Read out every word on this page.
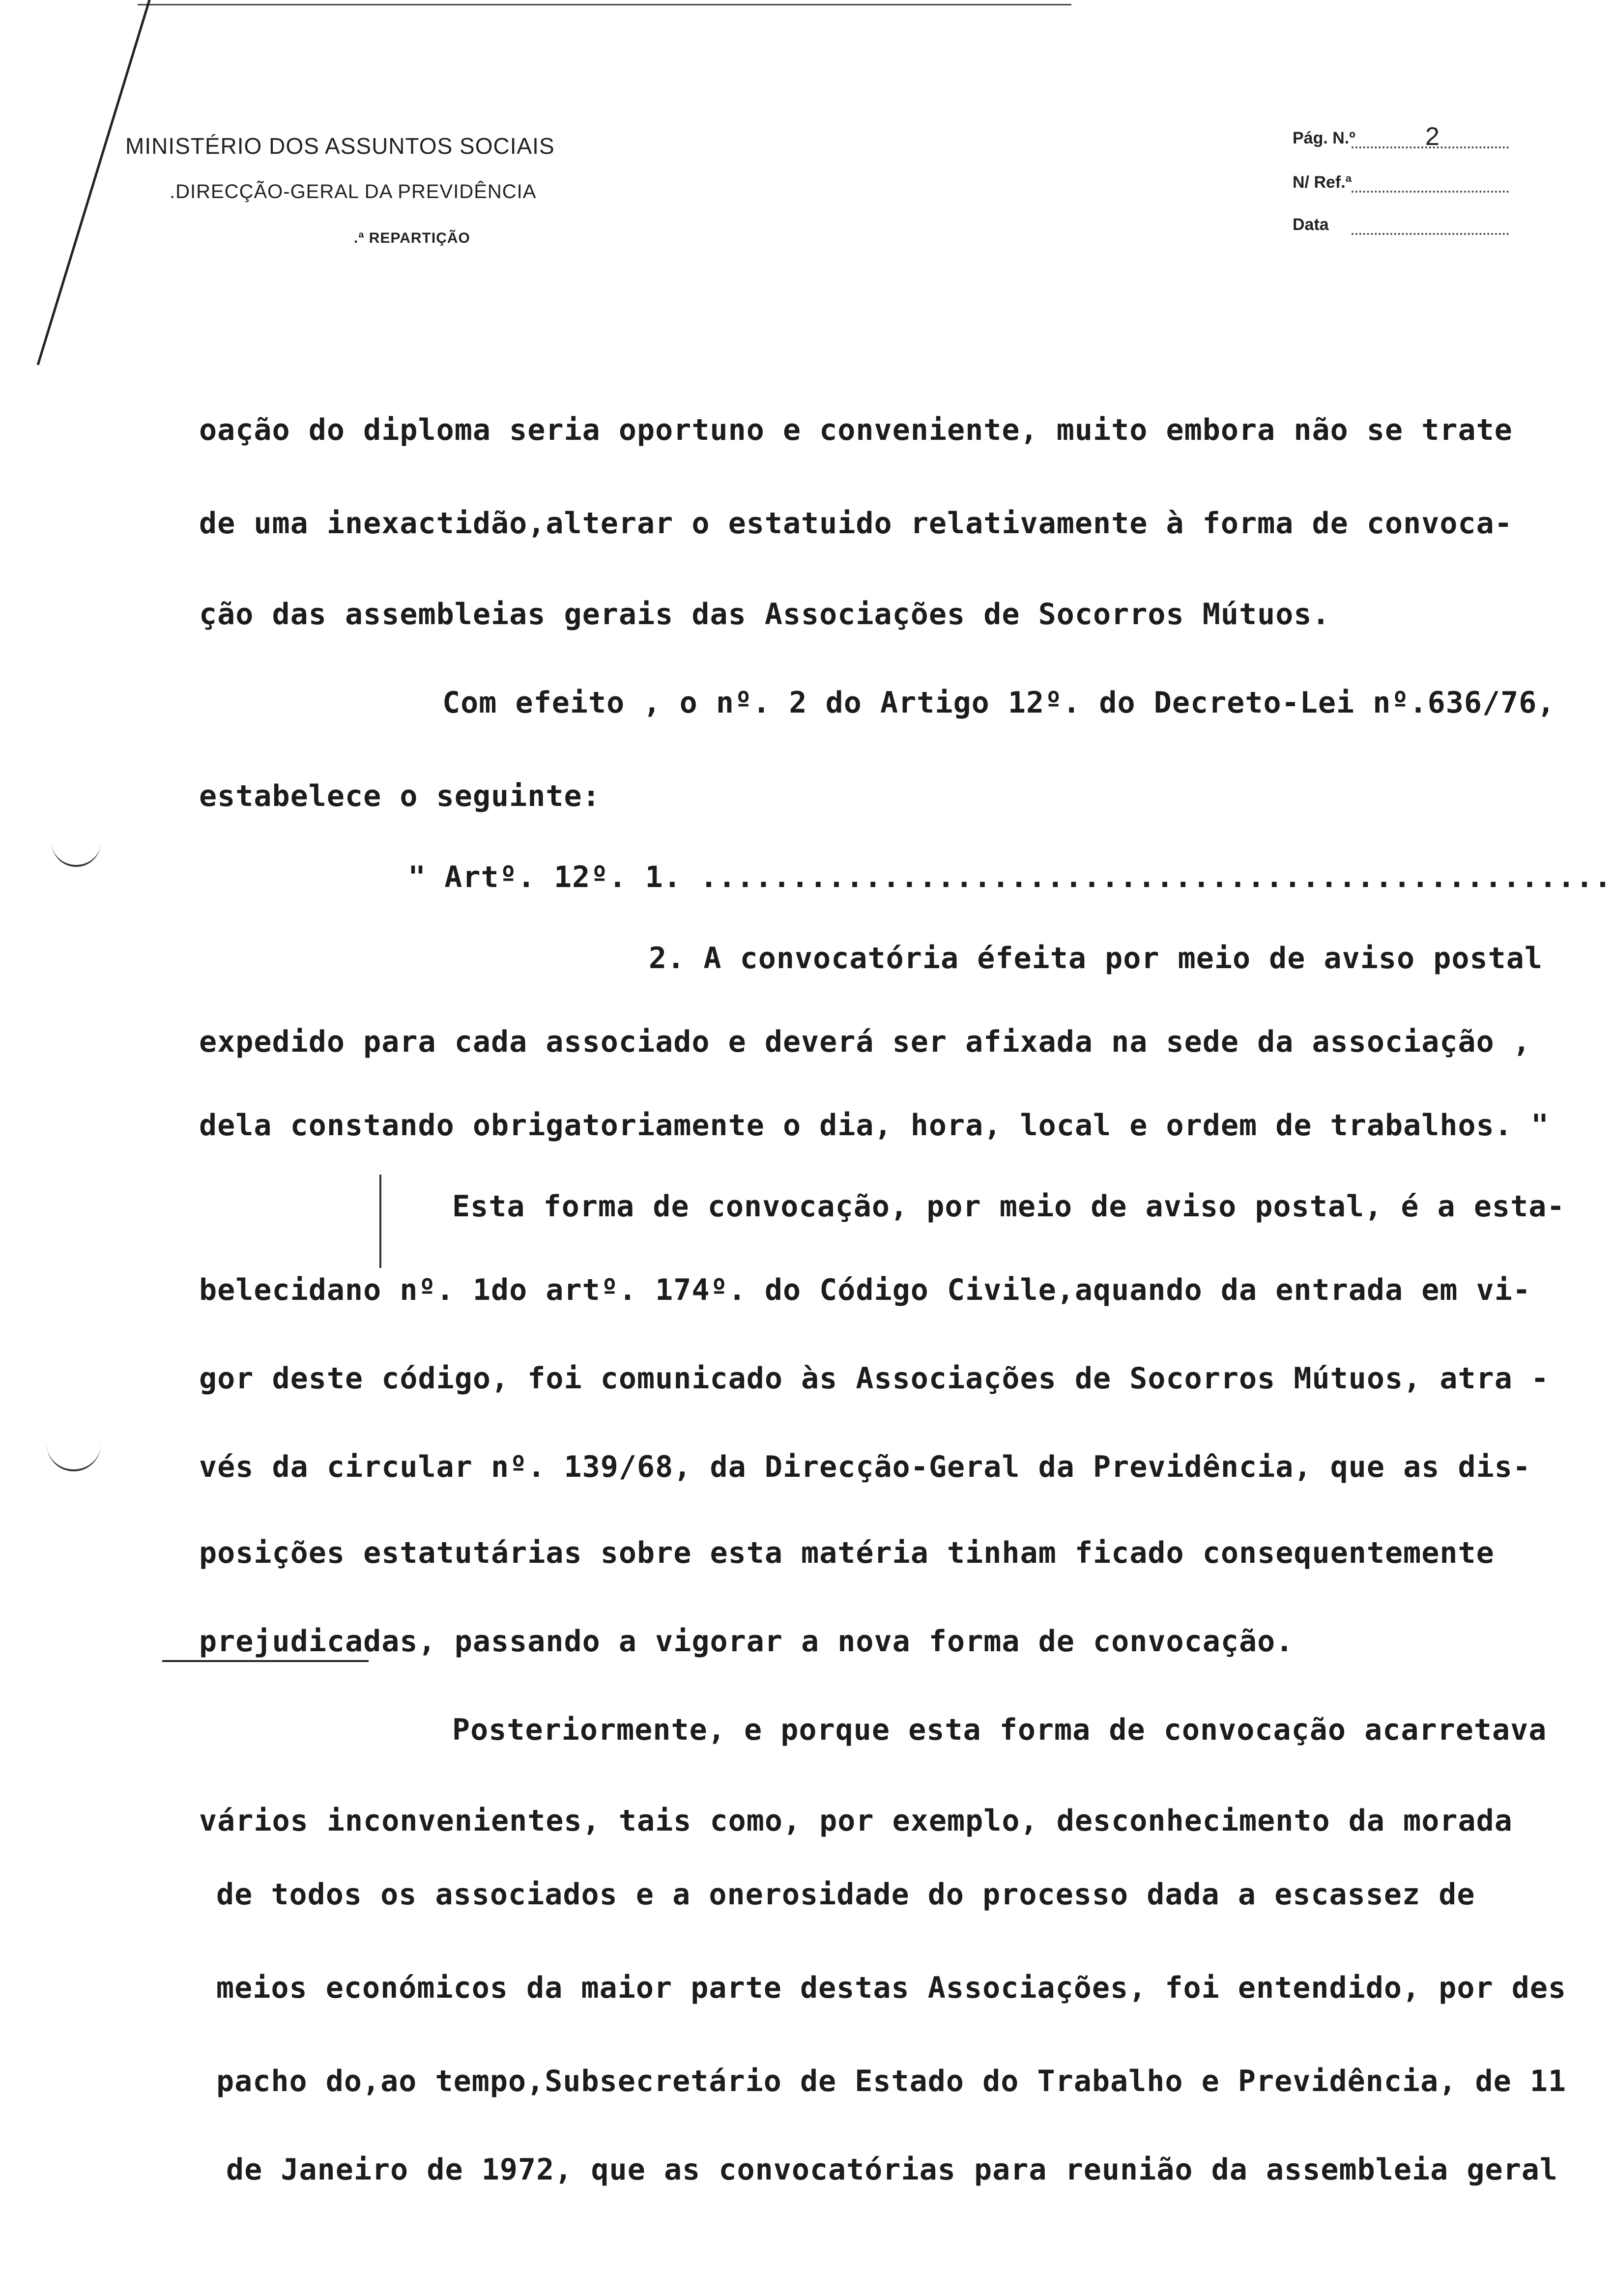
MINISTÉRIO DOS ASSUNTOS SOCIAIS
.DIRECÇÃO-GERAL DA PREVIDÊNCIA
.ª REPARTIÇÃO
Pág. N.º	2
N/ Ref.ª
Data
oação do diploma seria oportuno e conveniente, muito embora não se trate
de uma inexactidão,alterar o estatuido relativamente à forma de convoca-
ção das assembleias gerais das Associações de Socorros Mútuos.
Com efeito , o nº. 2 do Artigo 12º. do Decreto-Lei nº.636/76,
estabelece o seguinte:
" Artº. 12º. 1. ..................................................
2. A convocatória éfeita por meio de aviso postal
expedido para cada associado e deverá ser afixada na sede da associação ,
dela constando obrigatoriamente o dia, hora, local e ordem de trabalhos. "
Esta forma de convocação, por meio de aviso postal, é a esta-
belecidano nº. 1do artº. 174º. do Código Civile,aquando da entrada em vi-
gor deste código, foi comunicado às Associações de Socorros Mútuos, atra -
vés da circular nº. 139/68, da Direcção-Geral da Previdência, que as dis-
posições estatutárias sobre esta matéria tinham ficado consequentemente
prejudicadas, passando a vigorar a nova forma de convocação.
Posteriormente, e porque esta forma de convocação acarretava
vários inconvenientes, tais como, por exemplo, desconhecimento da morada
de todos os associados e a onerosidade do processo dada a escassez de
meios económicos da maior parte destas Associações, foi entendido, por des
pacho do,ao tempo,Subsecretário de Estado do Trabalho e Previdência, de 11
de Janeiro de 1972, que as convocatórias para reunião da assembleia geral
